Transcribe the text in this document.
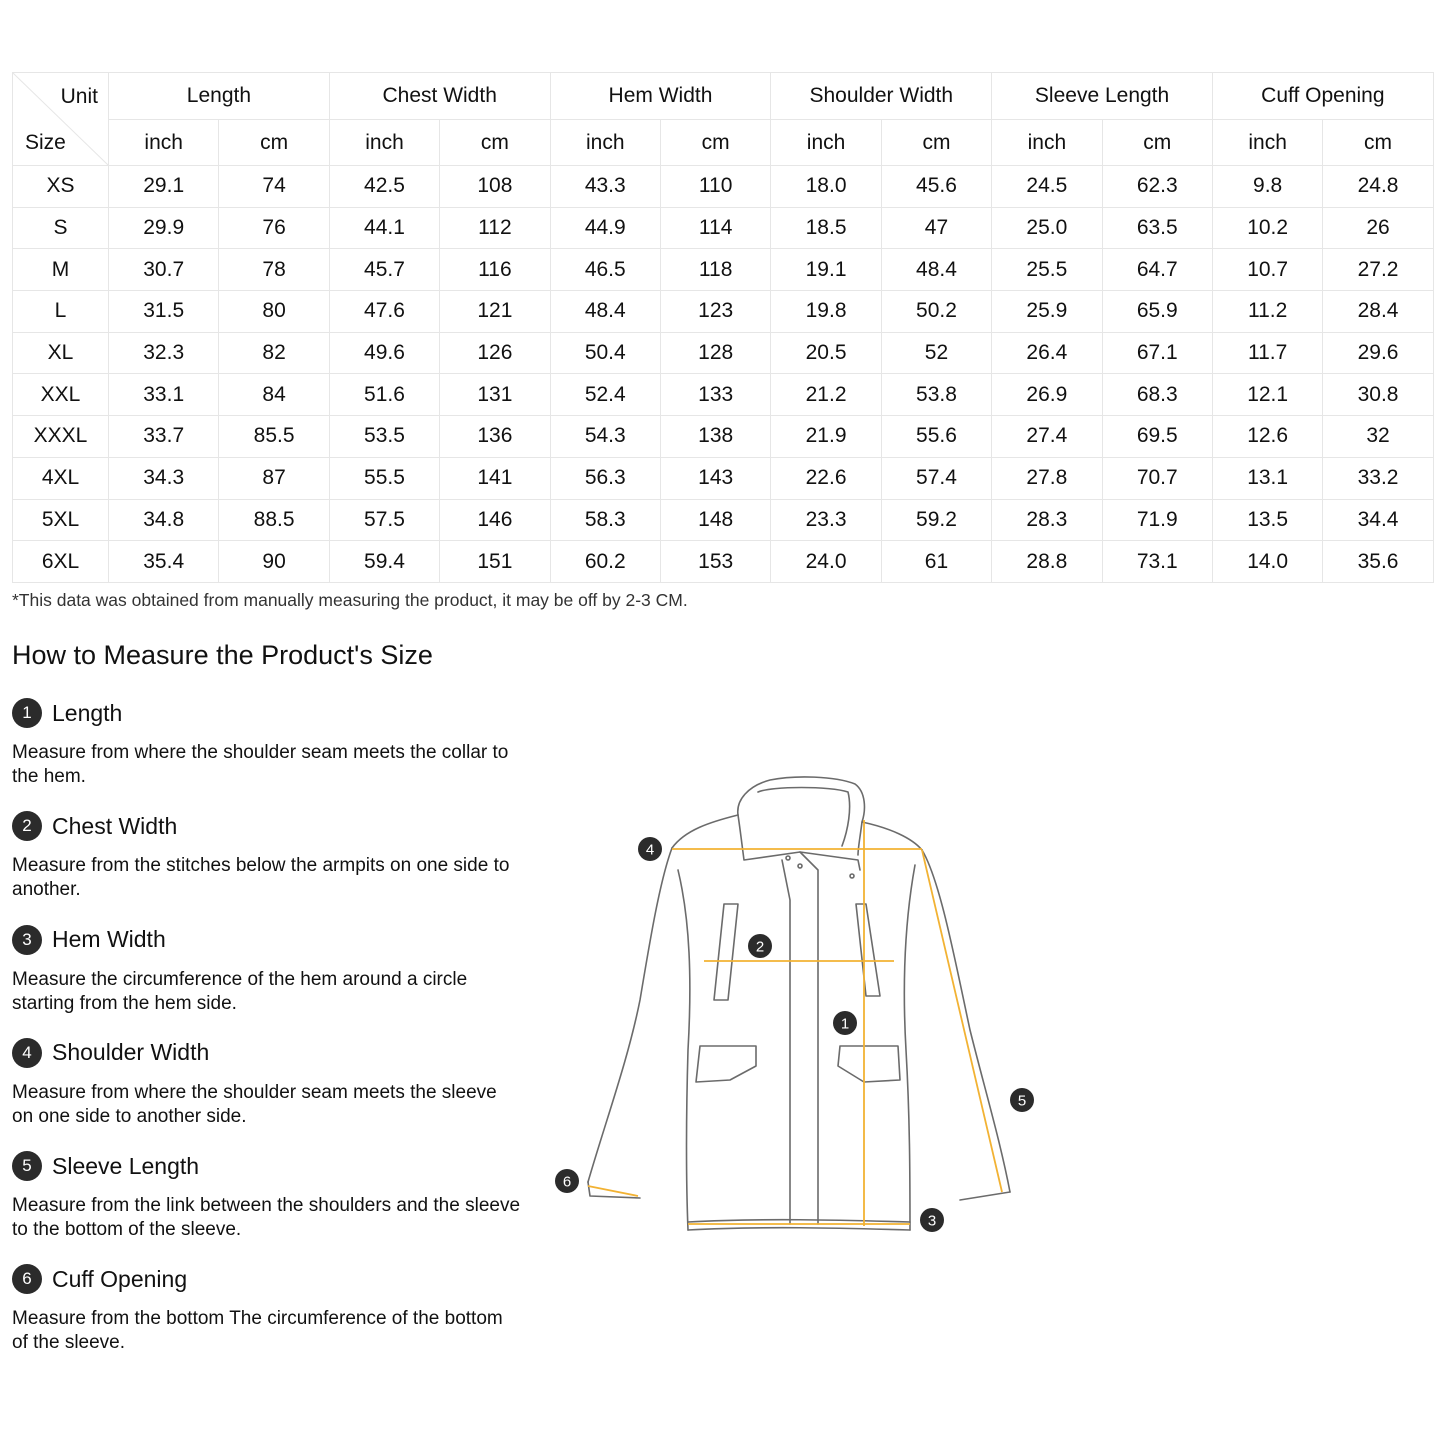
Unit
Size	Length		Chest Width		Hem Width		Shoulder Width		Sleeve Length		Cuff Opening	
	inch	cm	inch	cm	inch	cm	inch	cm	inch	cm	inch	cm
XS	29.1	74	42.5	108	43.3	110	18.0	45.6	24.5	62.3	9.8	24.8
S	29.9	76	44.1	112	44.9	114	18.5	47	25.0	63.5	10.2	26
M	30.7	78	45.7	116	46.5	118	19.1	48.4	25.5	64.7	10.7	27.2
L	31.5	80	47.6	121	48.4	123	19.8	50.2	25.9	65.9	11.2	28.4
XL	32.3	82	49.6	126	50.4	128	20.5	52	26.4	67.1	11.7	29.6
XXL	33.1	84	51.6	131	52.4	133	21.2	53.8	26.9	68.3	12.1	30.8
XXXL	33.7	85.5	53.5	136	54.3	138	21.9	55.6	27.4	69.5	12.6	32
4XL	34.3	87	55.5	141	56.3	143	22.6	57.4	27.8	70.7	13.1	33.2
5XL	34.8	88.5	57.5	146	58.3	148	23.3	59.2	28.3	71.9	13.5	34.4
6XL	35.4	90	59.4	151	60.2	153	24.0	61	28.8	73.1	14.0	35.6
*This data was obtained from manually measuring the product, it may be off by 2-3 CM.
How to Measure the Product's Size
1 Length
Measure from where the shoulder seam meets the collar to the hem.
2 Chest Width
Measure from the stitches below the armpits on one side to another.
3 Hem Width
Measure the circumference of the hem around a circle starting from the hem side.
4 Shoulder Width
Measure from where the shoulder seam meets the sleeve on one side to another side.
5 Sleeve Length
Measure from the link between the shoulders and the sleeve to the bottom of the sleeve.
6 Cuff Opening
Measure from the bottom The circumference of the bottom of the sleeve.
1
2
3
4
5
6
